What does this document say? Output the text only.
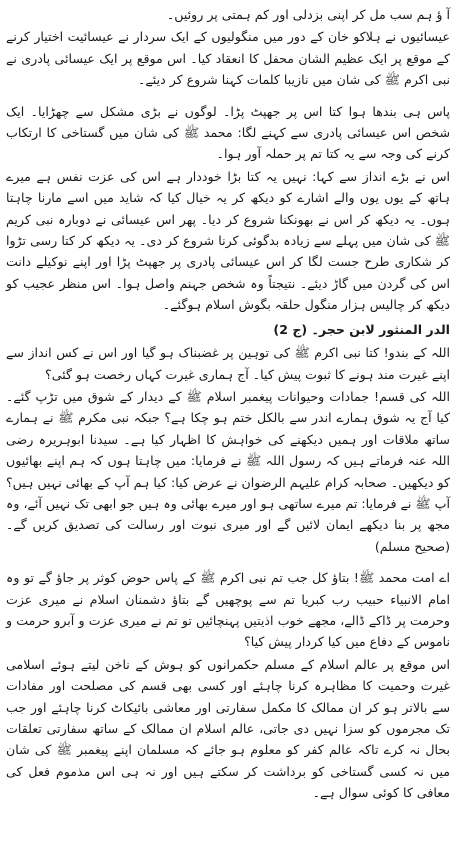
آ ؤ ہم سب مل کر اپنی بزدلی اور کم ہمتی پر روئیں۔

عیسائیوں نے ہلاکو خان کے دور میں منگولیوں کے ایک سردار نے عیسائیت اختیار کرنے کے موقع پر ایک عظیم الشان محفل کا انعقاد کیا۔ اس موقع پر ایک عیسائی پادری نے نبی اکرم ﷺ کی شان میں نازیبا کلمات کہنا شروع کر دیئے۔

پاس ہی بندھا ہوا کتا اس پر جھپٹ پڑا۔ لوگوں نے بڑی مشکل سے چھڑایا۔ ایک شخص اس عیسائی پادری سے کہنے لگا: محمد ﷺ کی شان میں گستاخی کا ارتکاب کرنے کی وجہ سے یہ کتا تم پر حملہ آور ہوا۔

اس نے بڑے انداز سے کہا: نہیں یہ کتا بڑا خوددار ہے اس کی عزت نفس ہے میرے ہاتھ کے یوں یوں والے اشارے کو دیکھ کر یہ خیال کیا کہ شاید میں اسے مارنا چاہتا ہوں۔ یہ دیکھ کر اس نے بھونکنا شروع کر دیا۔ پھر اس عیسائی نے دوبارہ نبی کریم ﷺ کی شان میں پہلے سے زیادہ بدگوئی کرنا شروع کر دی۔ یہ دیکھ کر کتا رسی تڑوا کر شکاری طرح جست لگا کر اس عیسائی پادری پر جھپٹ پڑا اور اپنے نوکیلے دانت اس کی گردن میں گاڑ دیئے۔ نتیجتاً وہ شخص جہنم واصل ہوا۔ اس منظر عجیب کو دیکھ کر چالیس ہزار منگول حلقہ بگوش اسلام ہوگئے۔

الدر المنثور لابن حجر۔ (ج 2)

اللہ کے بندو! کتا نبی اکرم ﷺ کی توہین پر غضبناک ہو گیا اور اس نے کس انداز سے اپنے غیرت مند ہونے کا ثبوت پیش کیا۔ آج ہماری غیرت کہاں رخصت ہو گئی؟

اللہ کی قسم! جمادات وحیوانات پیغمبر اسلام ﷺ کے دیدار کے شوق میں تڑپ گئے۔ کیا آج یہ شوق ہمارے اندر سے بالکل ختم ہو چکا ہے؟ جبکہ نبی مکرم ﷺ نے ہمارے ساتھ ملاقات اور ہمیں دیکھنے کی خواہش کا اظہار کیا ہے۔ سیدنا ابوہریرہ رضی اللہ عنہ فرماتے ہیں کہ رسول اللہ ﷺ نے فرمایا: میں چاہتا ہوں کہ ہم اپنے بھائیوں کو دیکھیں۔ صحابہ کرام علیہم الرضوان نے عرض کیا: کیا ہم آپ کے بھائی نہیں ہیں؟ آپ ﷺ نے فرمایا: تم میرے ساتھی ہو اور میرے بھائی وہ ہیں جو ابھی تک نہیں آئے، وہ مجھ پر بنا دیکھے ایمان لائیں گے اور میری نبوت اور رسالت کی تصدیق کریں گے۔ (صحیح مسلم)

اے امت محمد ﷺ! بتاؤ کل جب تم نبی اکرم ﷺ کے پاس حوض کوثر پر جاؤ گے تو وہ امام الانبیاء حبیب رب کبریا تم سے پوچھیں گے بتاؤ دشمنان اسلام نے میری عزت وحرمت پر ڈاکے ڈالے، مجھے خوب اذیتیں پہنچائیں تو تم نے میری عزت و آبرو حرمت و ناموس کے دفاع میں کیا کردار پیش کیا؟

اس موقع پر عالم اسلام کے مسلم حکمرانوں کو ہوش کے ناخن لیتے ہوئے اسلامی غیرت وحمیت کا مظاہرہ کرنا چاہئے اور کسی بھی قسم کی مصلحت اور مفادات سے بالاتر ہو کر ان ممالک کا مکمل سفارتی اور معاشی بائیکاٹ کرنا چاہئے اور جب تک مجرموں کو سزا نہیں دی جاتی، عالم اسلام ان ممالک کے ساتھ سفارتی تعلقات بحال نہ کرے تاکہ عالم کفر کو معلوم ہو جائے کہ مسلمان اپنے پیغمبر ﷺ کی شان میں نہ کسی گستاخی کو برداشت کر سکتے ہیں اور نہ ہی اس مذموم فعل کی معافی کا کوئی سوال ہے۔
